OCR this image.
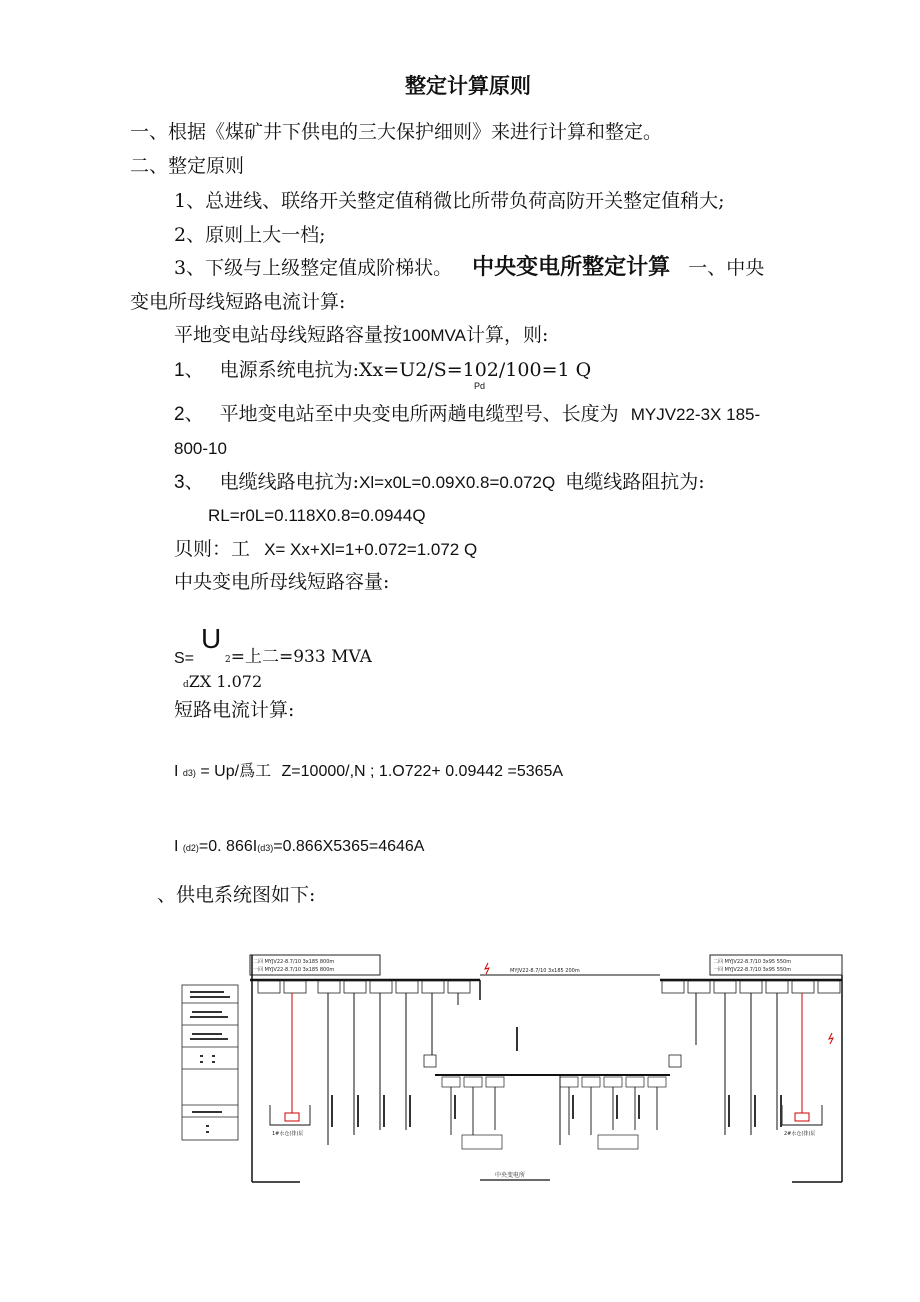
整定计算原则
一、根据《煤矿井下供电的三大保护细则》来进行计算和整定。
二、整定原则
1、总进线、联络开关整定值稍微比所带负荷高防开关整定值稍大;
2、原则上大一档;
3、下级与上级整定值成阶梯状。 中央变电所整定计算 一、中央
变电所母线短路电流计算:
平地变电站母线短路容量按100MVA计算，则:
1、 电源系统电抗为:Xx=U2/S=102/100=1 Q
Pd
2、 平地变电站至中央变电所两趟电缆型号、长度为 MYJV22-3X 185-
800-10
3、 电缆线路电抗为:Xl=x0L=0.09X0.8=0.072Q 电缆线路阻抗为:
RL=r0L=0.118X0.8=0.0944Q
贝则：工 X= Xx+Xl=1+0.072=1.072 Q
中央变电所母线短路容量:
S=
U
2=上二=933 MVA
dZX 1.072
短路电流计算:
I d3) = Up/爲工 Z=10000/,N ; 1.O722+ 0.09442 =5365A
I (d2)=0. 866I(d3)=0.866X5365=4646A
、供电系统图如下:
二回 MYJV22-8.7/10 3x185 800m
一回 MYJV22-8.7/10 3x185 800m
二回 MYJV22-8.7/10 3x95 550m
一回 MYJV22-8.7/10 3x95 550m
MYJV22-8.7/10 3x185 200m
1#水仓(排)泵	2#水仓(排)泵
中央变电所
